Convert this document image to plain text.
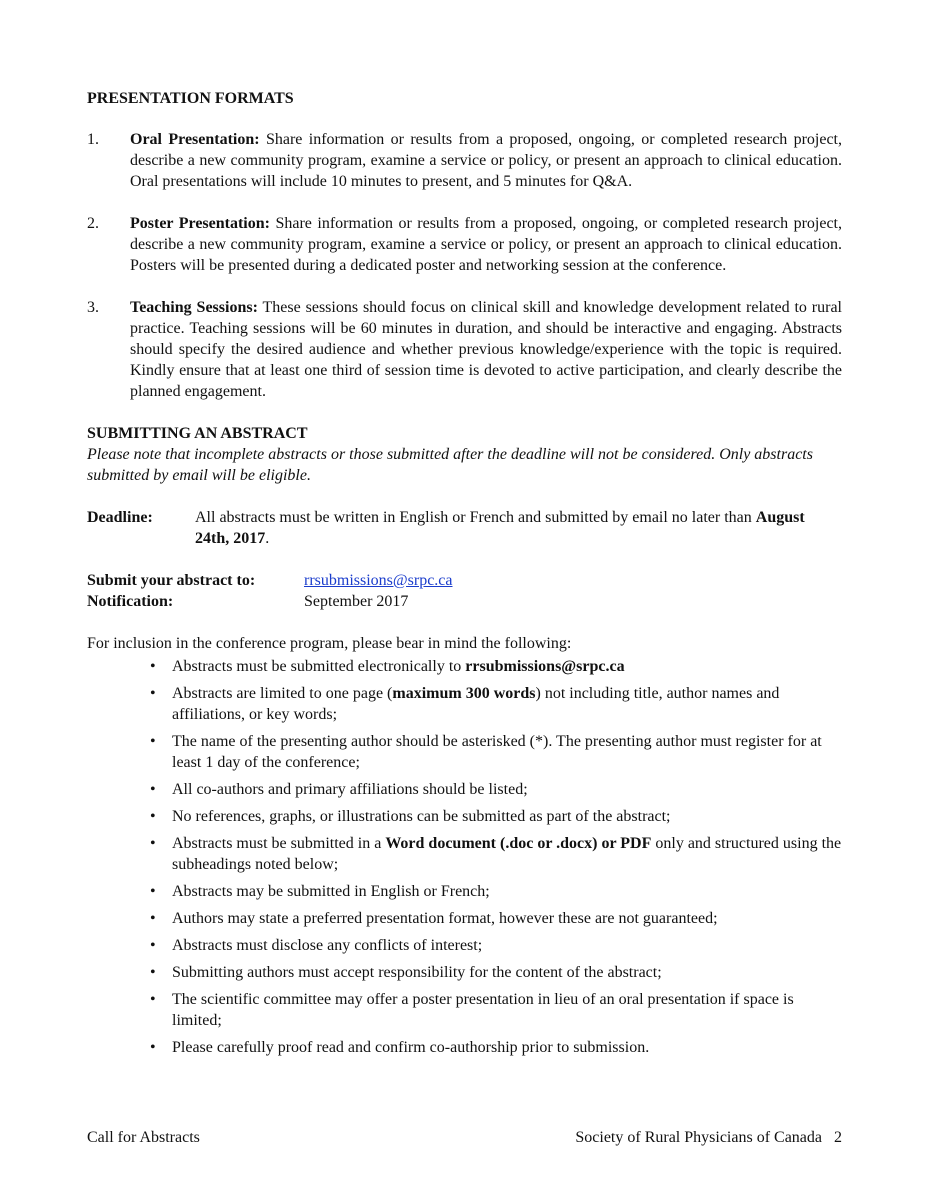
PRESENTATION FORMATS
1. Oral Presentation: Share information or results from a proposed, ongoing, or completed research project, describe a new community program, examine a service or policy, or present an approach to clinical education. Oral presentations will include 10 minutes to present, and 5 minutes for Q&A.
2. Poster Presentation: Share information or results from a proposed, ongoing, or completed research project, describe a new community program, examine a service or policy, or present an approach to clinical education. Posters will be presented during a dedicated poster and networking session at the conference.
3. Teaching Sessions: These sessions should focus on clinical skill and knowledge development related to rural practice. Teaching sessions will be 60 minutes in duration, and should be interactive and engaging. Abstracts should specify the desired audience and whether previous knowledge/experience with the topic is required. Kindly ensure that at least one third of session time is devoted to active participation, and clearly describe the planned engagement.
SUBMITTING AN ABSTRACT
Please note that incomplete abstracts or those submitted after the deadline will not be considered. Only abstracts submitted by email will be eligible.
Deadline:	All abstracts must be written in English or French and submitted by email no later than August 24th, 2017.
Submit your abstract to:	rrsubmissions@srpc.ca
Notification:	September 2017
For inclusion in the conference program, please bear in mind the following:
• Abstracts must be submitted electronically to rrsubmissions@srpc.ca
• Abstracts are limited to one page (maximum 300 words) not including title, author names and affiliations, or key words;
• The name of the presenting author should be asterisked (*). The presenting author must register for at least 1 day of the conference;
• All co-authors and primary affiliations should be listed;
• No references, graphs, or illustrations can be submitted as part of the abstract;
• Abstracts must be submitted in a Word document (.doc or .docx) or PDF only and structured using the subheadings noted below;
• Abstracts may be submitted in English or French;
• Authors may state a preferred presentation format, however these are not guaranteed;
• Abstracts must disclose any conflicts of interest;
• Submitting authors must accept responsibility for the content of the abstract;
• The scientific committee may offer a poster presentation in lieu of an oral presentation if space is limited;
• Please carefully proof read and confirm co-authorship prior to submission.
Call for Abstracts	Society of Rural Physicians of Canada 2
